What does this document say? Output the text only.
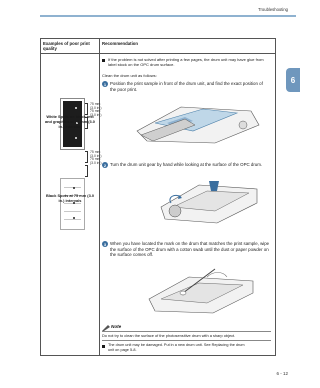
Troubleshooting
6
Examples of poor print quality
Recommendation
75 mm
(3.0 in.)
75 mm
(3.0 in.)
White Spots on black text and graphics at 75 mm (3.0 in.) intervals
75 mm
(3.0 in.)
75 mm
(3.0 in.)
Black Spots at 75 mm (3.0 in.) intervals
If the problem is not solved after printing a few pages, the drum unit may have glue from label stock on the OPC drum surface.
Clean the drum unit as follows:
1 Position the print sample in front of the drum unit, and find the exact position of the poor print.
2 Turn the drum unit gear by hand while looking at the surface of the OPC drum.
3 When you have located the mark on the drum that matches the print sample, wipe the surface of the OPC drum with a cotton swab until the dust or paper powder on the surface comes off.
Note
Do not try to clean the surface of the photosensitive drum with a sharp object.
The drum unit may be damaged. Put in a new drum unit. See Replacing the drum
unit on page 5-8.
6 - 12
